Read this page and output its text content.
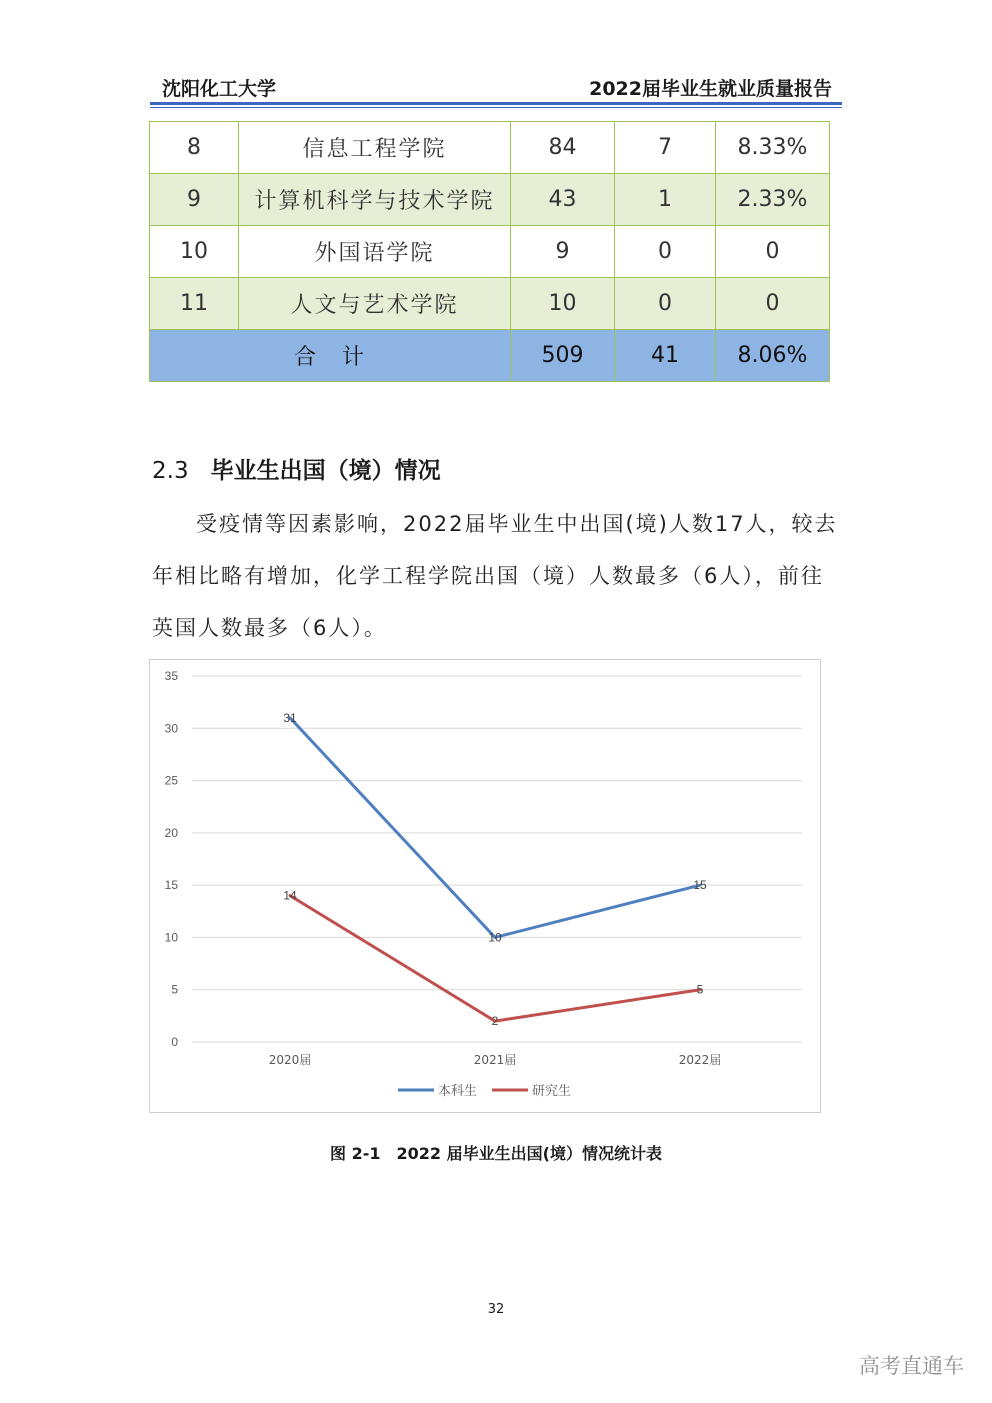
沈阳化工大学	2022届毕业生就业质量报告
8	信息工程学院	84	7	8.33%
9	计算机科学与技术学院	43	1	2.33%
10	外国语学院	9	0	0
11	人文与艺术学院	10	0	0
合　计		509	41	8.06%
2.3 毕业生出国（境）情况
受疫情等因素影响，2022届毕业生中出国(境)人数17人，较去年相比略有增加，化学工程学院出国（境）人数最多（6人），前往英国人数最多（6人）。
0
5
10
15
20
25
30
35
2020届	2021届	2022届
31
10
15
14
2
5
本科生	研究生
图 2-1　2022 届毕业生出国(境）情况统计表
32
高考直通车
